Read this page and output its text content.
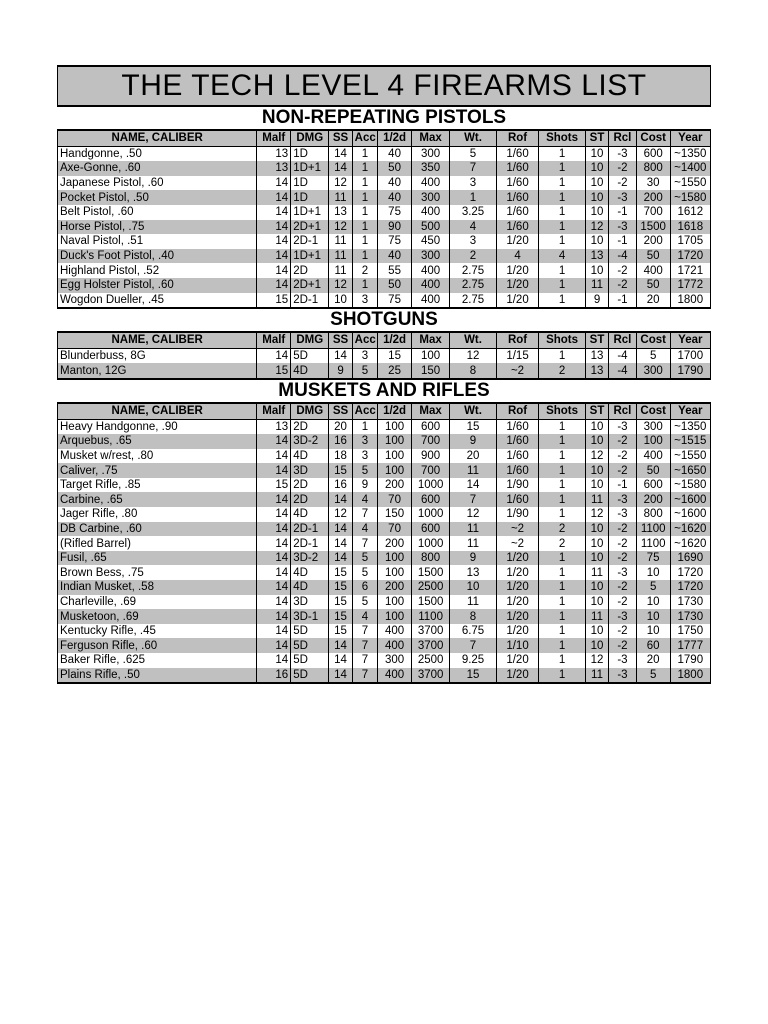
THE TECH LEVEL 4 FIREARMS LIST
NON-REPEATING PISTOLS
NAME, CALIBER	Malf	DMG	SS	Acc	1/2d	Max	Wt.	Rof	Shots	ST	Rcl	Cost	Year
Handgonne, .50	13	1D	14	1	40	300	5	1/60	1	10	-3	600	~1350
Axe-Gonne, .60	13	1D+1	14	1	50	350	7	1/60	1	10	-2	800	~1400
Japanese Pistol, .60	14	1D	12	1	40	400	3	1/60	1	10	-2	30	~1550
Pocket Pistol, .50	14	1D	11	1	40	300	1	1/60	1	10	-3	200	~1580
Belt Pistol, .60	14	1D+1	13	1	75	400	3.25	1/60	1	10	-1	700	1612
Horse Pistol, .75	14	2D+1	12	1	90	500	4	1/60	1	12	-3	1500	1618
Naval Pistol, .51	14	2D-1	11	1	75	450	3	1/20	1	10	-1	200	1705
Duck's Foot Pistol, .40	14	1D+1	11	1	40	300	2	4	4	13	-4	50	1720
Highland Pistol, .52	14	2D	11	2	55	400	2.75	1/20	1	10	-2	400	1721
Egg Holster Pistol, .60	14	2D+1	12	1	50	400	2.75	1/20	1	11	-2	50	1772
Wogdon Dueller, .45	15	2D-1	10	3	75	400	2.75	1/20	1	9	-1	20	1800
SHOTGUNS
NAME, CALIBER	Malf	DMG	SS	Acc	1/2d	Max	Wt.	Rof	Shots	ST	Rcl	Cost	Year
Blunderbuss, 8G	14	5D	14	3	15	100	12	1/15	1	13	-4	5	1700
Manton, 12G	15	4D	9	5	25	150	8	~2	2	13	-4	300	1790
MUSKETS AND RIFLES
NAME, CALIBER	Malf	DMG	SS	Acc	1/2d	Max	Wt.	Rof	Shots	ST	Rcl	Cost	Year
Heavy Handgonne, .90	13	2D	20	1	100	600	15	1/60	1	10	-3	300	~1350
Arquebus, .65	14	3D-2	16	3	100	700	9	1/60	1	10	-2	100	~1515
Musket w/rest, .80	14	4D	18	3	100	900	20	1/60	1	12	-2	400	~1550
Caliver, .75	14	3D	15	5	100	700	11	1/60	1	10	-2	50	~1650
Target Rifle, .85	15	2D	16	9	200	1000	14	1/90	1	10	-1	600	~1580
Carbine, .65	14	2D	14	4	70	600	7	1/60	1	11	-3	200	~1600
Jager Rifle, .80	14	4D	12	7	150	1000	12	1/90	1	12	-3	800	~1600
DB Carbine, .60	14	2D-1	14	4	70	600	11	~2	2	10	-2	1100	~1620
(Rifled Barrel)	14	2D-1	14	7	200	1000	11	~2	2	10	-2	1100	~1620
Fusil, .65	14	3D-2	14	5	100	800	9	1/20	1	10	-2	75	1690
Brown Bess, .75	14	4D	15	5	100	1500	13	1/20	1	11	-3	10	1720
Indian Musket, .58	14	4D	15	6	200	2500	10	1/20	1	10	-2	5	1720
Charleville, .69	14	3D	15	5	100	1500	11	1/20	1	10	-2	10	1730
Musketoon, .69	14	3D-1	15	4	100	1100	8	1/20	1	11	-3	10	1730
Kentucky Rifle, .45	14	5D	15	7	400	3700	6.75	1/20	1	10	-2	10	1750
Ferguson Rifle, .60	14	5D	14	7	400	3700	7	1/10	1	10	-2	60	1777
Baker Rifle, .625	14	5D	14	7	300	2500	9.25	1/20	1	12	-3	20	1790
Plains Rifle, .50	16	5D	14	7	400	3700	15	1/20	1	11	-3	5	1800
